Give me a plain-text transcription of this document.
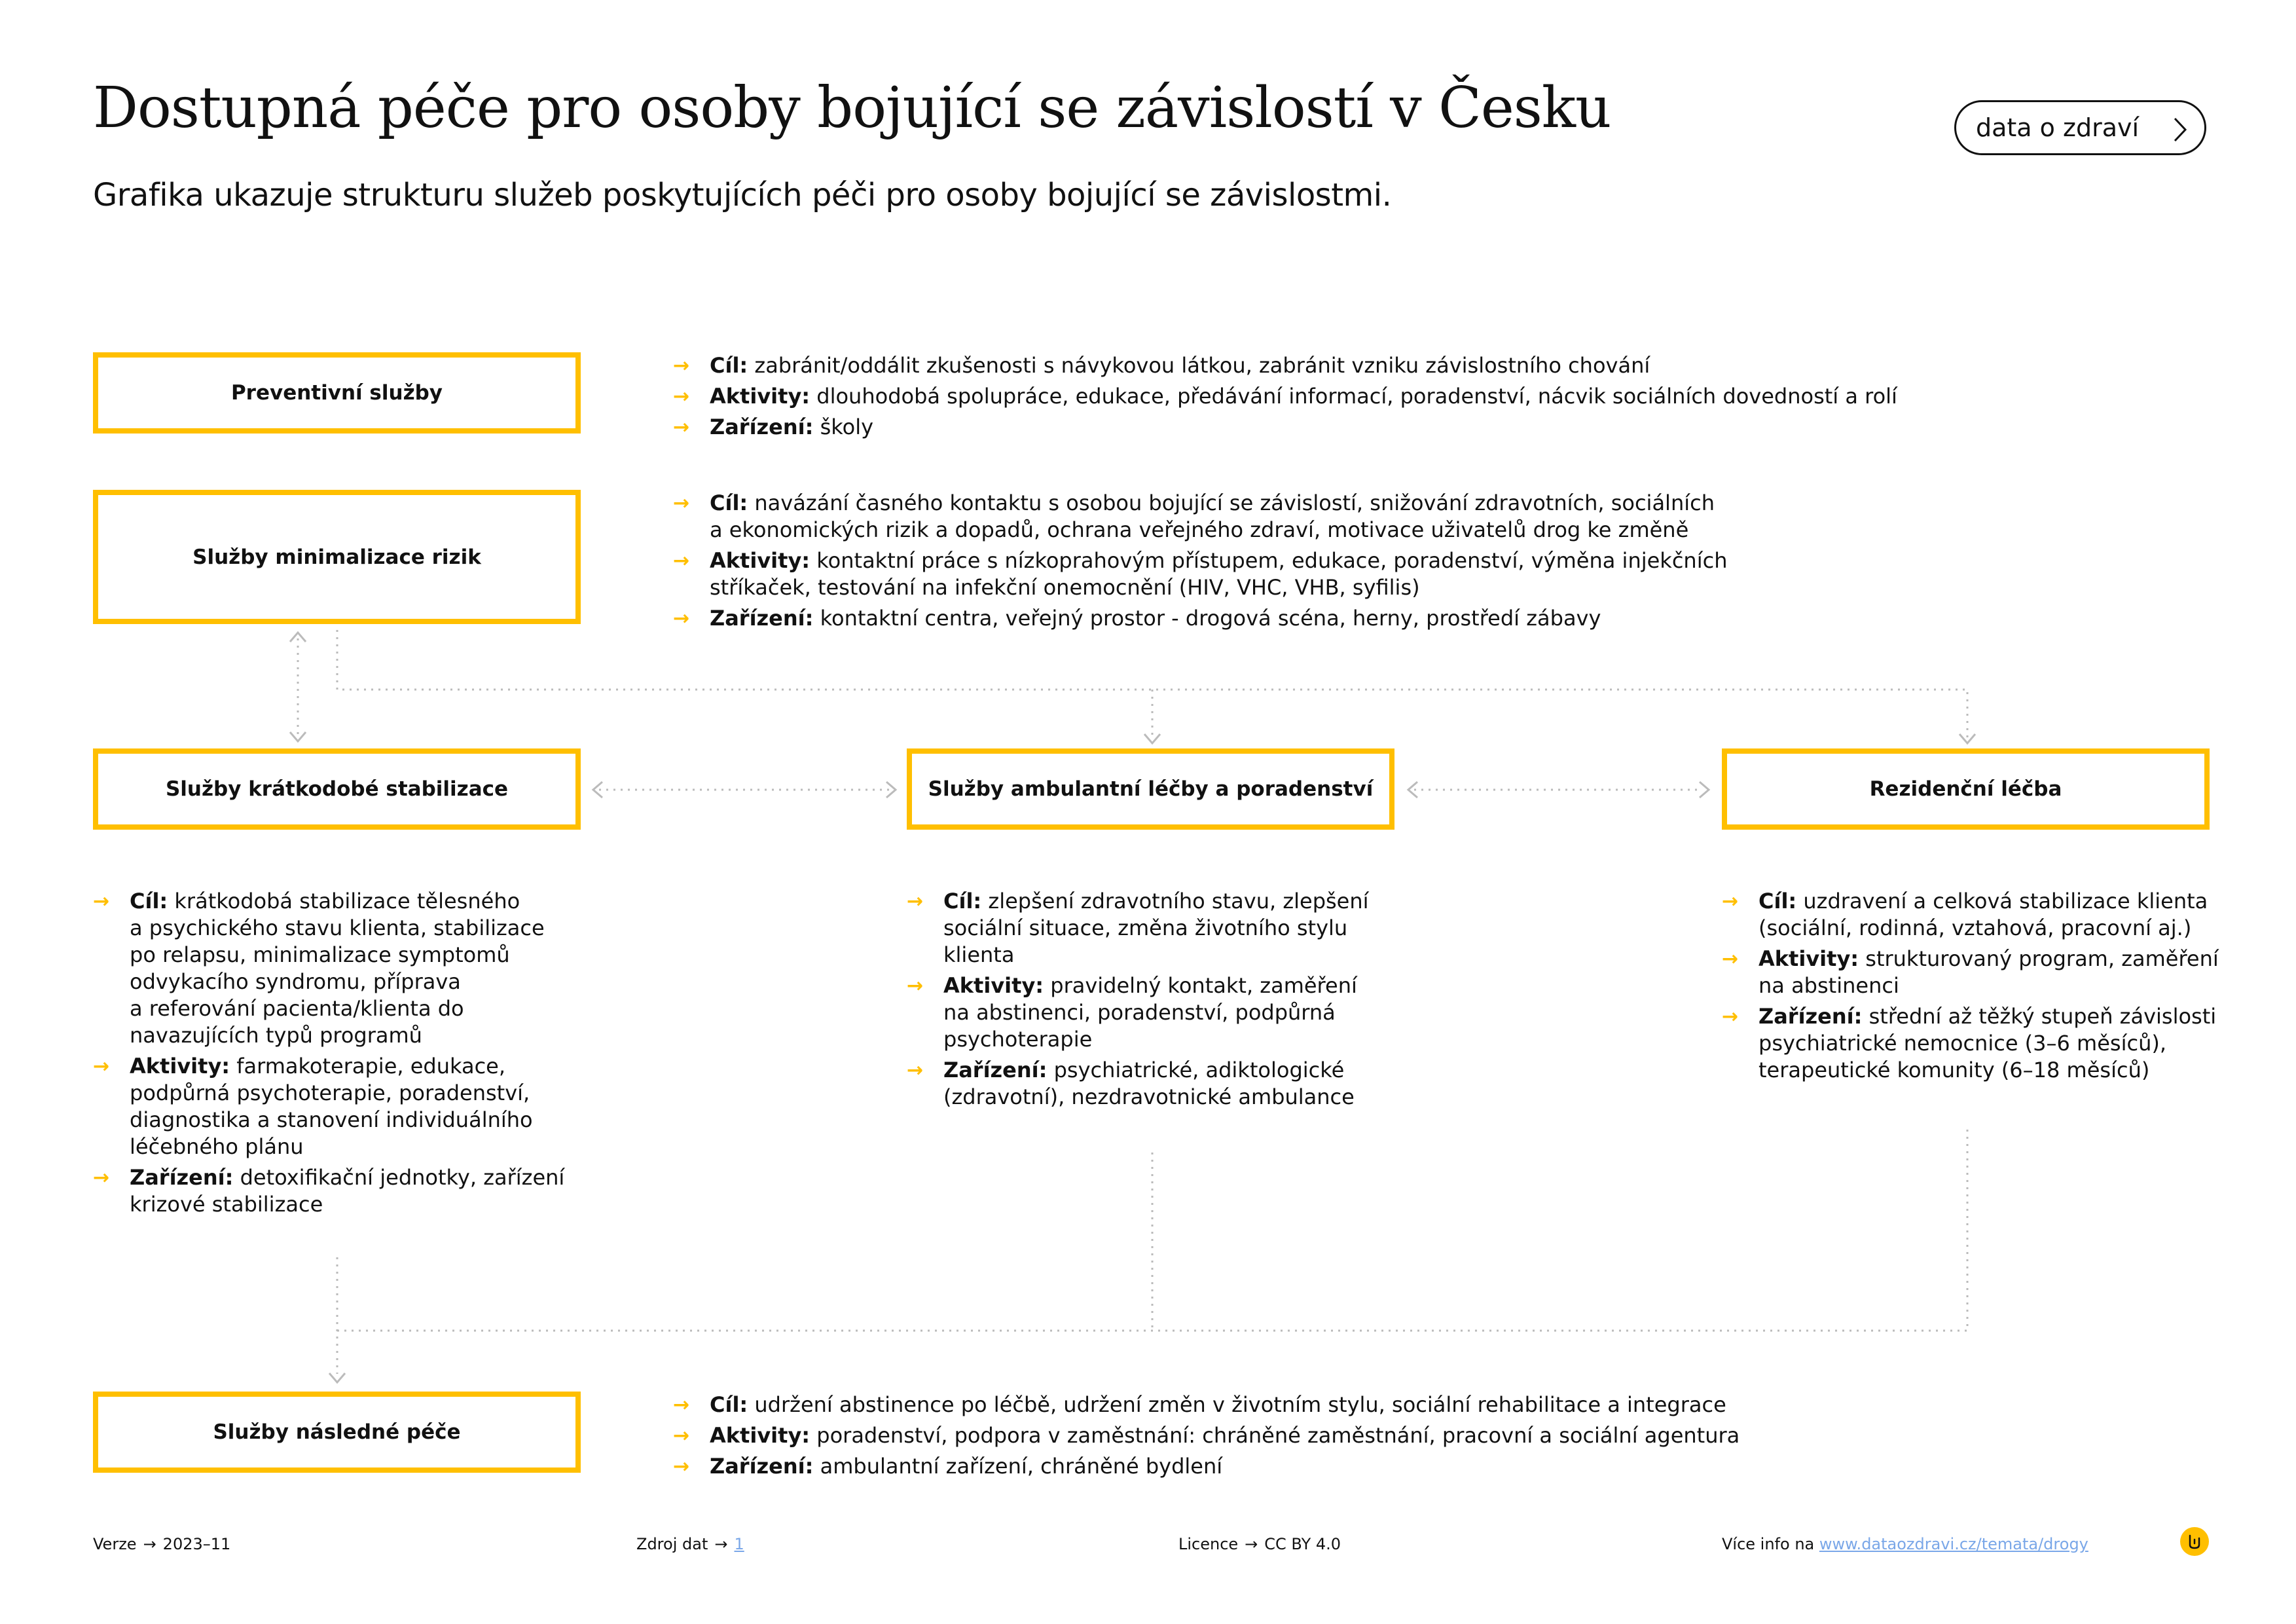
Dostupná péče pro osoby bojující se závislostí v Česku

Grafika ukazuje strukturu služeb poskytujících péči pro osoby bojující se závislostmi.

data o zdraví
Preventivní služby
Služby minimalizace rizik
Služby krátkodobé stabilizace	Služby ambulantní léčby a poradenství	Rezidenční léčba
Služby následné péče
→ Cíl: zabránit/oddálit zkušenosti s návykovou látkou, zabránit vzniku závislostního chování
→ Aktivity: dlouhodobá spolupráce, edukace, předávání informací, poradenství, nácvik sociálních dovedností a rolí
→ Zařízení: školy
→ Cíl: navázání časného kontaktu s osobou bojující se závislostí, snižování zdravotních, sociálních
a ekonomických rizik a dopadů, ochrana veřejného zdraví, motivace uživatelů drog ke změně
→ Aktivity: kontaktní práce s nízkoprahovým přístupem, edukace, poradenství, výměna injekčních
stříkaček, testování na infekční onemocnění (HIV, VHC, VHB, syfilis)
→ Zařízení: kontaktní centra, veřejný prostor - drogová scéna, herny, prostředí zábavy
→ Cíl: krátkodobá stabilizace tělesného
a psychického stavu klienta, stabilizace
po relapsu, minimalizace symptomů
odvykacího syndromu, příprava
a referování pacienta/klienta do
navazujících typů programů
→ Aktivity: farmakoterapie, edukace,
podpůrná psychoterapie, poradenství,
diagnostika a stanovení individuálního
léčebného plánu
→ Zařízení: detoxifikační jednotky, zařízení
krizové stabilizace
→ Cíl: zlepšení zdravotního stavu, zlepšení
sociální situace, změna životního stylu
klienta
→ Aktivity: pravidelný kontakt, zaměření
na abstinenci, poradenství, podpůrná
psychoterapie
→ Zařízení: psychiatrické, adiktologické
(zdravotní), nezdravotnické ambulance
→ Cíl: uzdravení a celková stabilizace klienta
(sociální, rodinná, vztahová, pracovní aj.)
→ Aktivity: strukturovaný program, zaměření
na abstinenci
→ Zařízení: střední až těžký stupeň závislosti
psychiatrické nemocnice (3–6 měsíců),
terapeutické komunity (6–18 měsíců)
→ Cíl: udržení abstinence po léčbě, udržení změn v životním stylu, sociální rehabilitace a integrace
→ Aktivity: poradenství, podpora v zaměstnání: chráněné zaměstnání, pracovní a sociální agentura
→ Zařízení: ambulantní zařízení, chráněné bydlení
Verze → 2023–11	Zdroj dat → 1	Licence → CC BY 4.0	Více info na www.dataozdravi.cz/temata/drogy
